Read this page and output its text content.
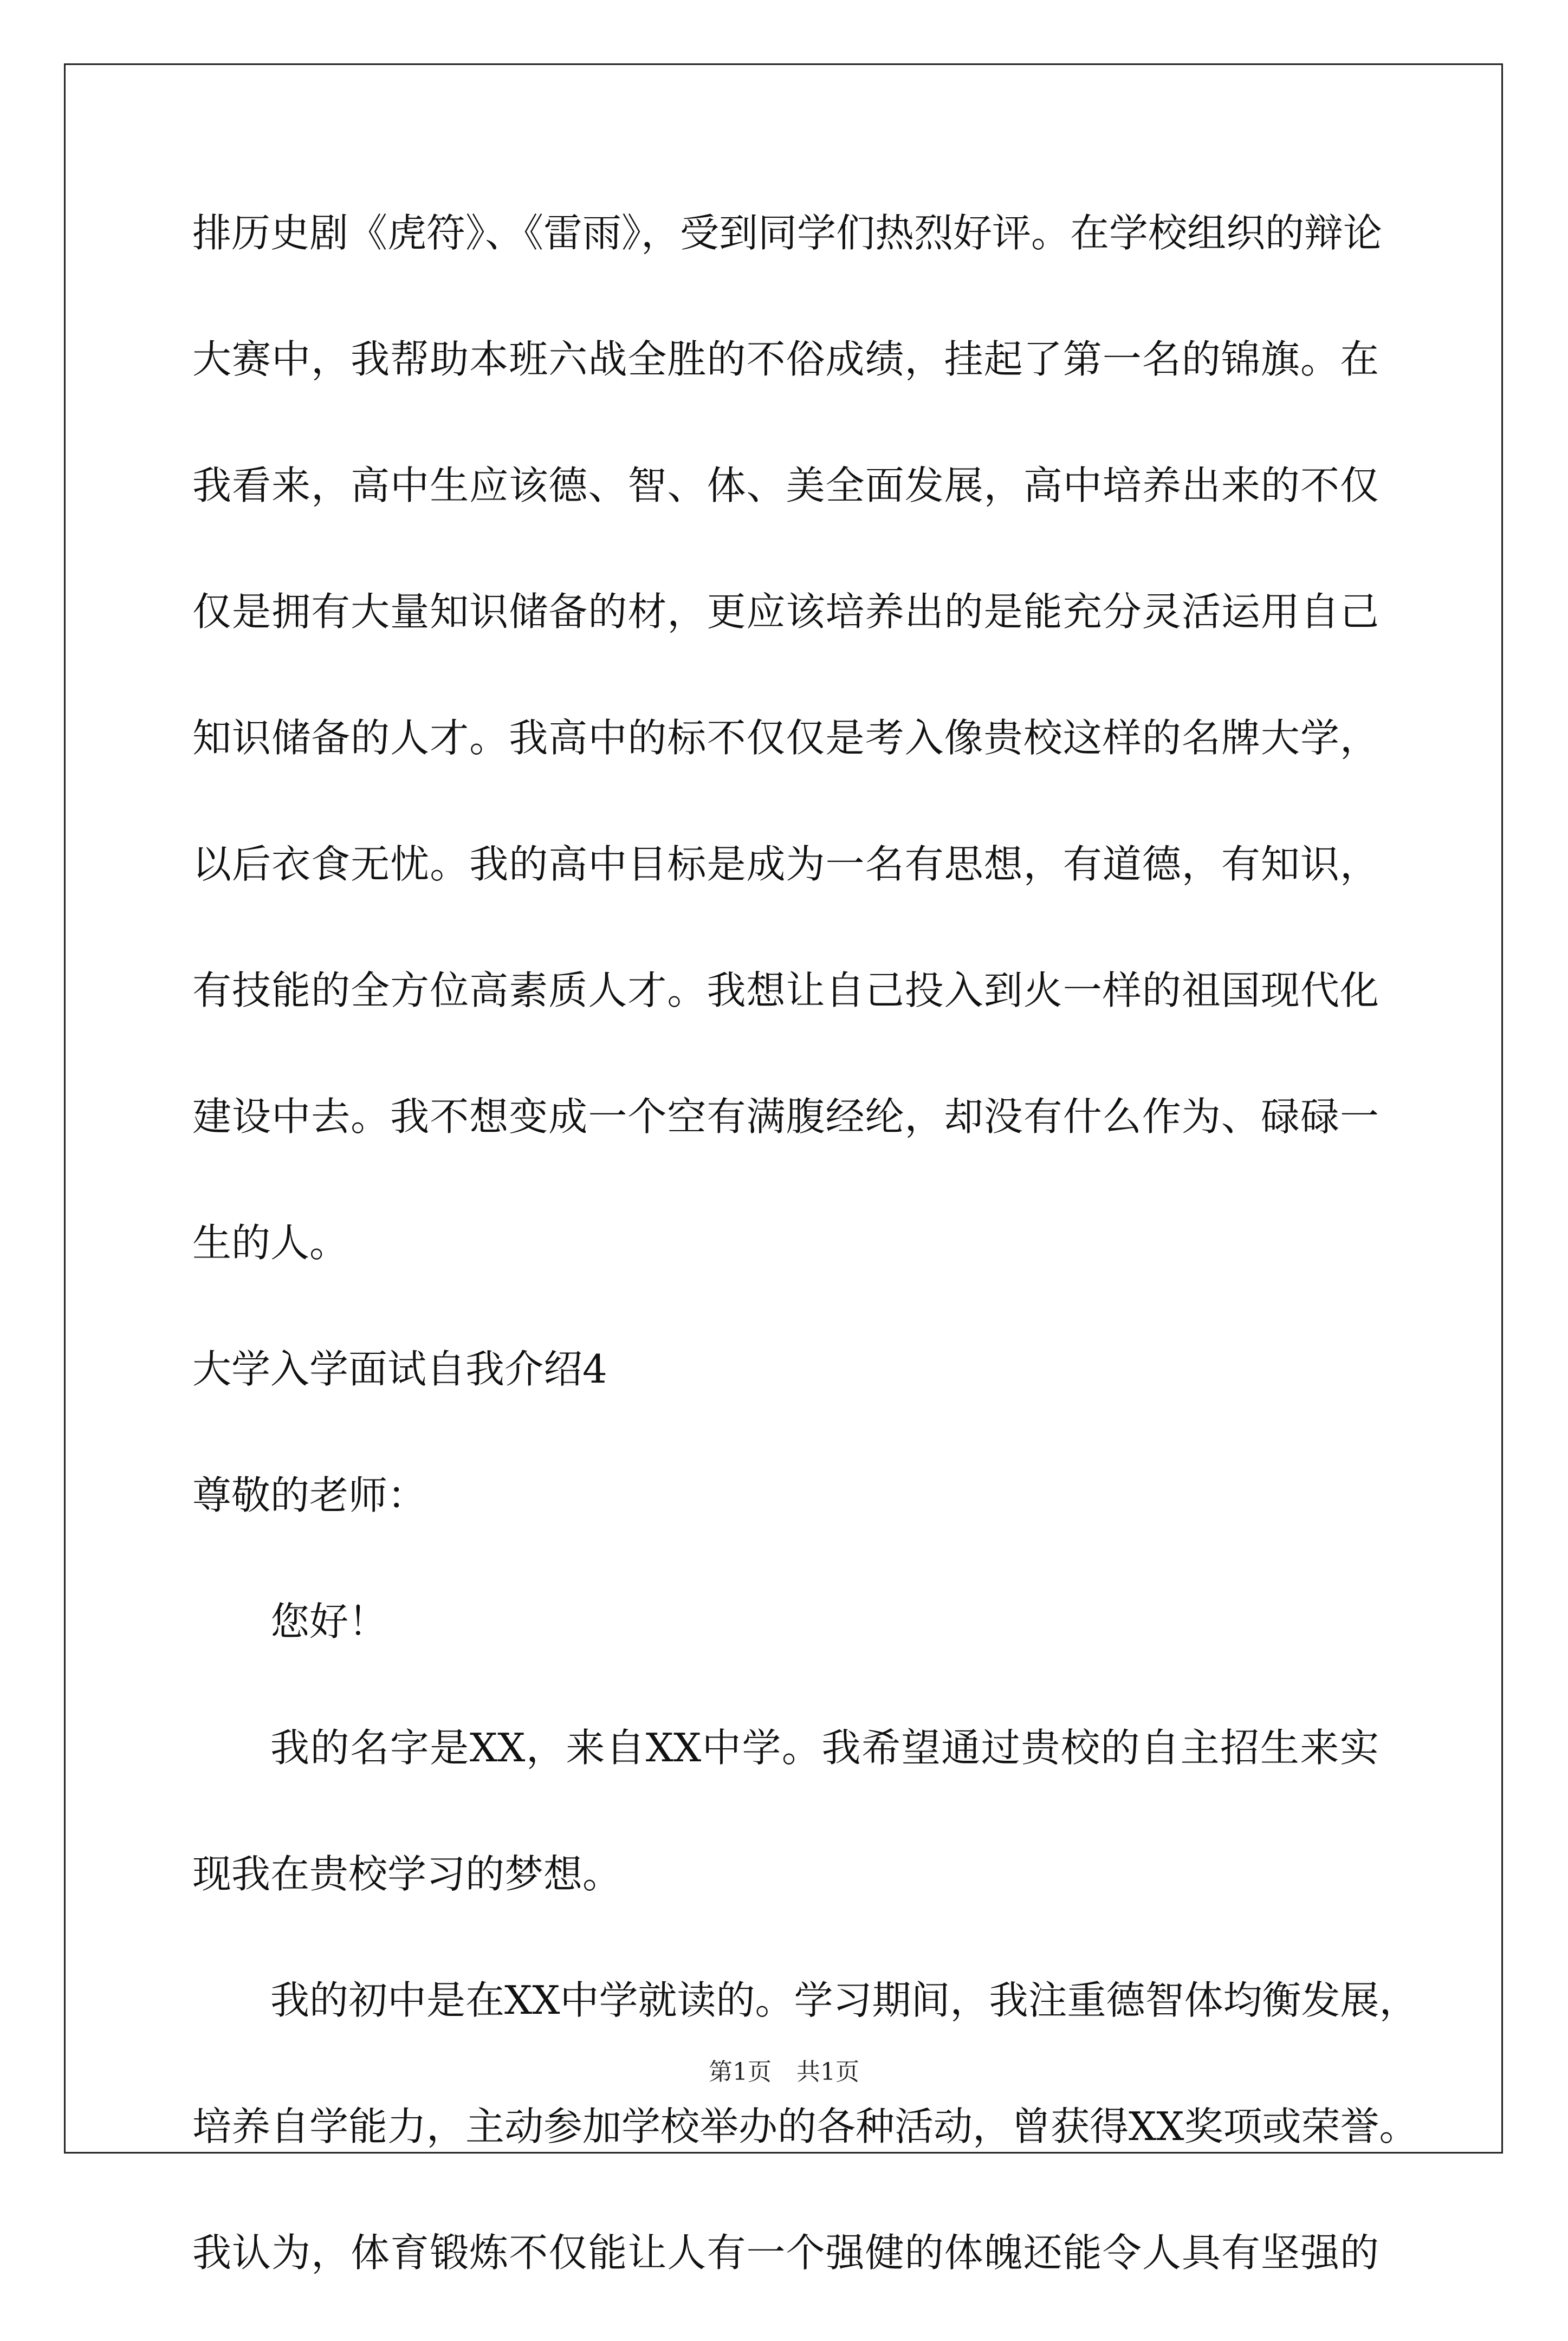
排历史剧《虎符》、《雷雨》，受到同学们热烈好评。在学校组织的辩论
大赛中，我帮助本班六战全胜的不俗成绩，挂起了第一名的锦旗。在
我看来，高中生应该德、智、体、美全面发展，高中培养出来的不仅
仅是拥有大量知识储备的材，更应该培养出的是能充分灵活运用自己
知识储备的人才。我高中的标不仅仅是考入像贵校这样的名牌大学，
以后衣食无忧。我的高中目标是成为一名有思想，有道德，有知识，
有技能的全方位高素质人才。我想让自己投入到火一样的祖国现代化
建设中去。我不想变成一个空有满腹经纶，却没有什么作为、碌碌一
生的人。
大学入学面试自我介绍4
尊敬的老师：
您好！
我的名字是XX，来自XX中学。我希望通过贵校的自主招生来实
现我在贵校学习的梦想。
我的初中是在XX中学就读的。学习期间，我注重德智体均衡发展，
培养自学能力，主动参加学校举办的各种活动，曾获得XX奖项或荣誉。
我认为，体育锻炼不仅能让人有一个强健的体魄还能令人具有坚强的
第1页 共1页
